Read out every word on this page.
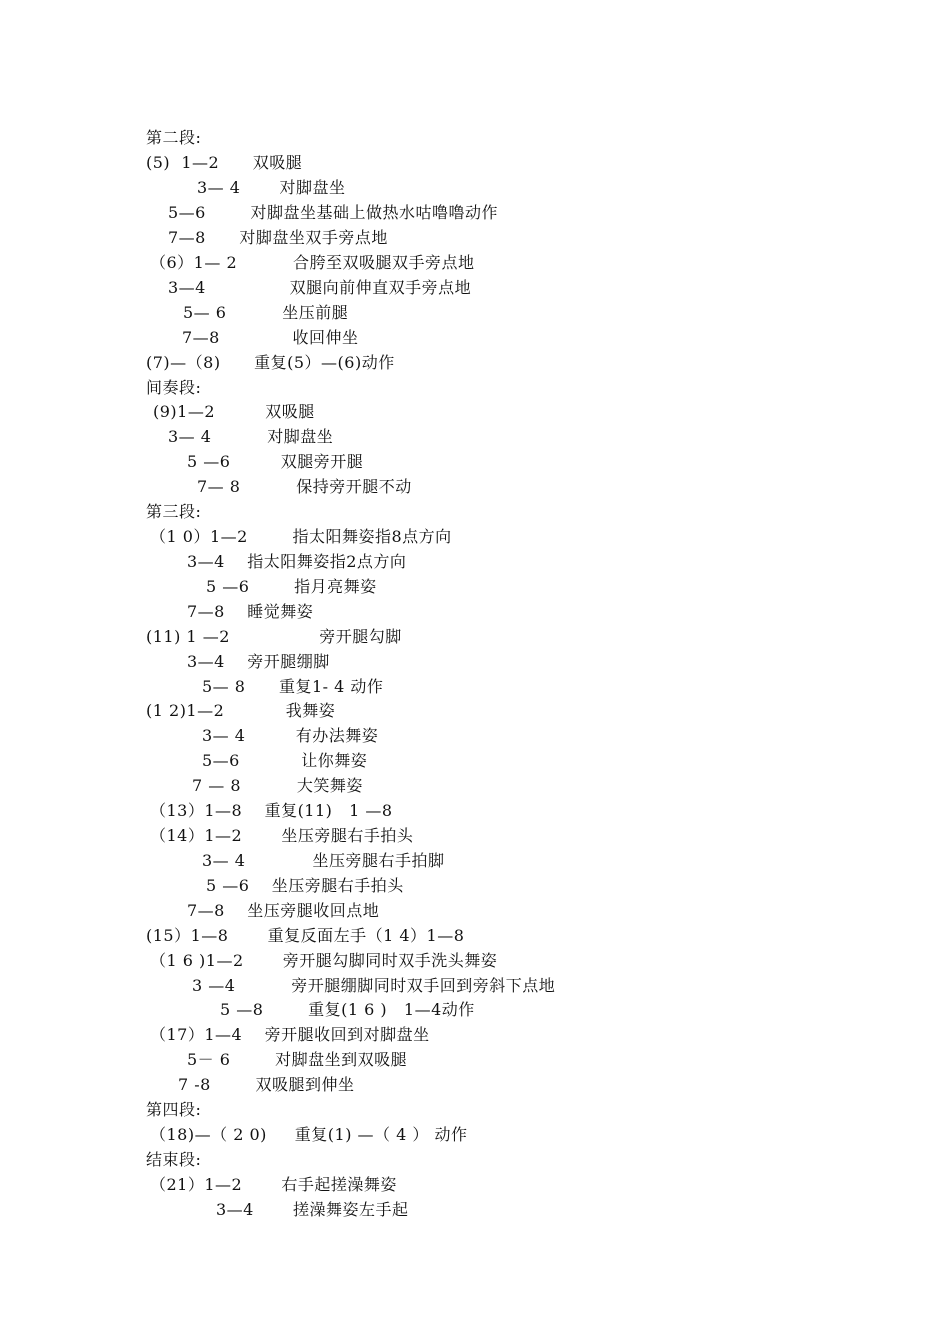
第二段:
(5)  1—2      双吸腿
3— 4       对脚盘坐
5—6        对脚盘坐基础上做热水咕噜噜动作
7—8      对脚盘坐双手旁点地
（6）1— 2          合胯至双吸腿双手旁点地
3—4               双腿向前伸直双手旁点地
5— 6          坐压前腿
7—8             收回伸坐
(7)—（8)      重复(5）—(6)动作
间奏段:
(9)1—2         双吸腿
3— 4          对脚盘坐
5 —6         双腿旁开腿
7— 8          保持旁开腿不动
第三段:
（1 0）1—2        指太阳舞姿指8点方向
3—4    指太阳舞姿指2点方向
5 —6        指月亮舞姿
7—8    睡觉舞姿
(11) 1 —2                旁开腿勾脚
3—4    旁开腿绷脚
5— 8      重复1- 4 动作
(1 2)1—2           我舞姿
3— 4         有办法舞姿
5—6           让你舞姿
7 — 8          大笑舞姿
（13）1—8    重复(11)   1 —8
（14）1—2       坐压旁腿右手拍头
3— 4            坐压旁腿右手拍脚
5 —6    坐压旁腿右手拍头
7—8    坐压旁腿收回点地
(15）1—8       重复反面左手（1 4）1—8
（1 6 )1—2       旁开腿勾脚同时双手洗头舞姿
3 —4          旁开腿绷脚同时双手回到旁斜下点地
5 —8        重复(1 6 )   1—4动作
（17）1—4    旁开腿收回到对脚盘坐
5－ 6        对脚盘坐到双吸腿
7 -8        双吸腿到伸坐
第四段:
（18)—（ 2 0)     重复(1) —（ 4 ） 动作
结束段:
（21）1—2       右手起搓澡舞姿
3—4       搓澡舞姿左手起
